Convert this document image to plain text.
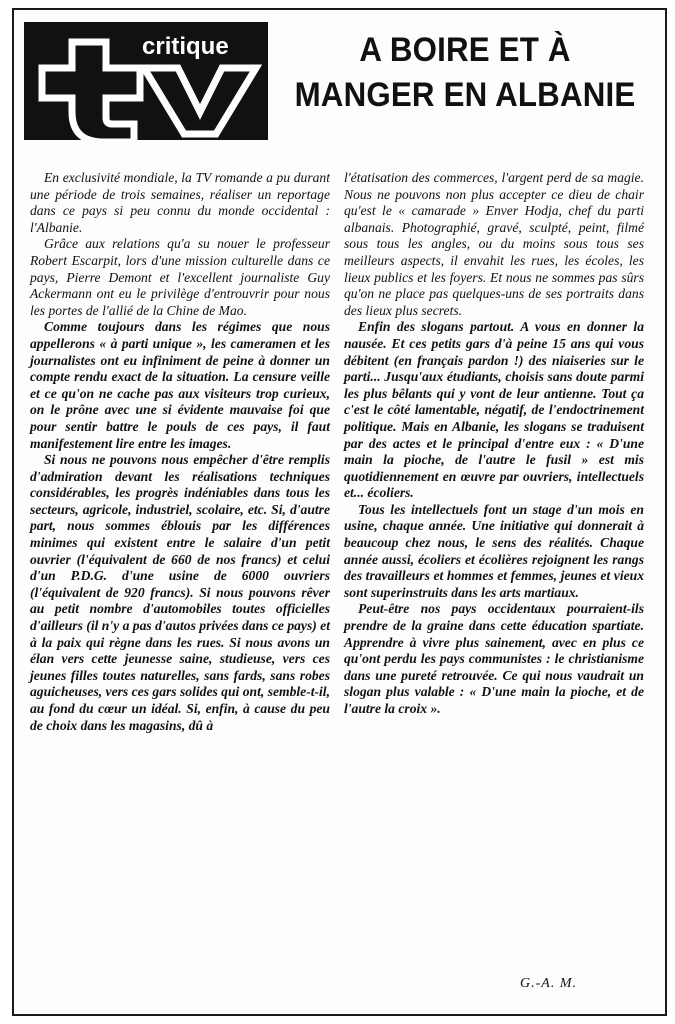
critique	A BOIRE ET À
MANGER EN ALBANIE

En exclusivité mondiale, la TV romande a pu durant une période de trois semaines, réaliser un reportage dans ce pays si peu connu du monde occidental : l'Albanie.

Grâce aux relations qu'a su nouer le professeur Robert Escarpit, lors d'une mission culturelle dans ce pays, Pierre Demont et l'excellent journaliste Guy Ackermann ont eu le privilège d'entrouvrir pour nous les portes de l'allié de la Chine de Mao.

Comme toujours dans les régimes que nous appellerons « à parti unique », les cameramen et les journalistes ont eu infiniment de peine à donner un compte rendu exact de la situation. La censure veille et ce qu'on ne cache pas aux visiteurs trop curieux, on le prône avec une si évidente mauvaise foi que pour sentir battre le pouls de ces pays, il faut manifestement lire entre les images.

Si nous ne pouvons nous empêcher d'être remplis d'admiration devant les réalisations techniques considérables, les progrès indéniables dans tous les secteurs, agricole, industriel, scolaire, etc. Si, d'autre part, nous sommes éblouis par les différences minimes qui existent entre le salaire d'un petit ouvrier (l'équivalent de 660 de nos francs) et celui d'un P.D.G. d'une usine de 6000 ouvriers (l'équivalent de 920 francs). Si nous pouvons rêver au petit nombre d'automobiles toutes officielles d'ailleurs (il n'y a pas d'autos privées dans ce pays) et à la paix qui règne dans les rues. Si nous avons un élan vers cette jeunesse saine, studieuse, vers ces jeunes filles toutes naturelles, sans fards, sans robes aguicheuses, vers ces gars solides qui ont, semble-t-il, au fond du cœur un idéal. Si, enfin, à cause du peu de choix dans les magasins, dû à

l'étatisation des commerces, l'argent perd de sa magie. Nous ne pouvons non plus accepter ce dieu de chair qu'est le « camarade » Enver Hodja, chef du parti albanais. Photographié, gravé, sculpté, peint, filmé sous tous les angles, ou du moins sous tous ses meilleurs aspects, il envahit les rues, les écoles, les lieux publics et les foyers. Et nous ne sommes pas sûrs qu'on ne place pas quelques-uns de ses portraits dans des lieux plus secrets.

Enfin des slogans partout. A vous en donner la nausée. Et ces petits gars d'à peine 15 ans qui vous débitent (en français pardon !) des niaiseries sur le parti... Jusqu'aux étudiants, choisis sans doute parmi les plus bêlants qui y vont de leur antienne. Tout ça c'est le côté lamentable, négatif, de l'endoctrinement politique. Mais en Albanie, les slogans se traduisent par des actes et le principal d'entre eux : « D'une main la pioche, de l'autre le fusil » est mis quotidiennement en œuvre par ouvriers, intellectuels et... écoliers.

Tous les intellectuels font un stage d'un mois en usine, chaque année. Une initiative qui donnerait à beaucoup chez nous, le sens des réalités. Chaque année aussi, écoliers et écolières rejoignent les rangs des travailleurs et hommes et femmes, jeunes et vieux sont superinstruits dans les arts martiaux.

Peut-être nos pays occidentaux pourraient-ils prendre de la graine dans cette éducation spartiate. Apprendre à vivre plus sainement, avec en plus ce qu'ont perdu les pays communistes : le christianisme dans une pureté retrouvée. Ce qui nous vaudrait un slogan plus valable : « D'une main la pioche, et de l'autre la croix ».

G.-A. M.
